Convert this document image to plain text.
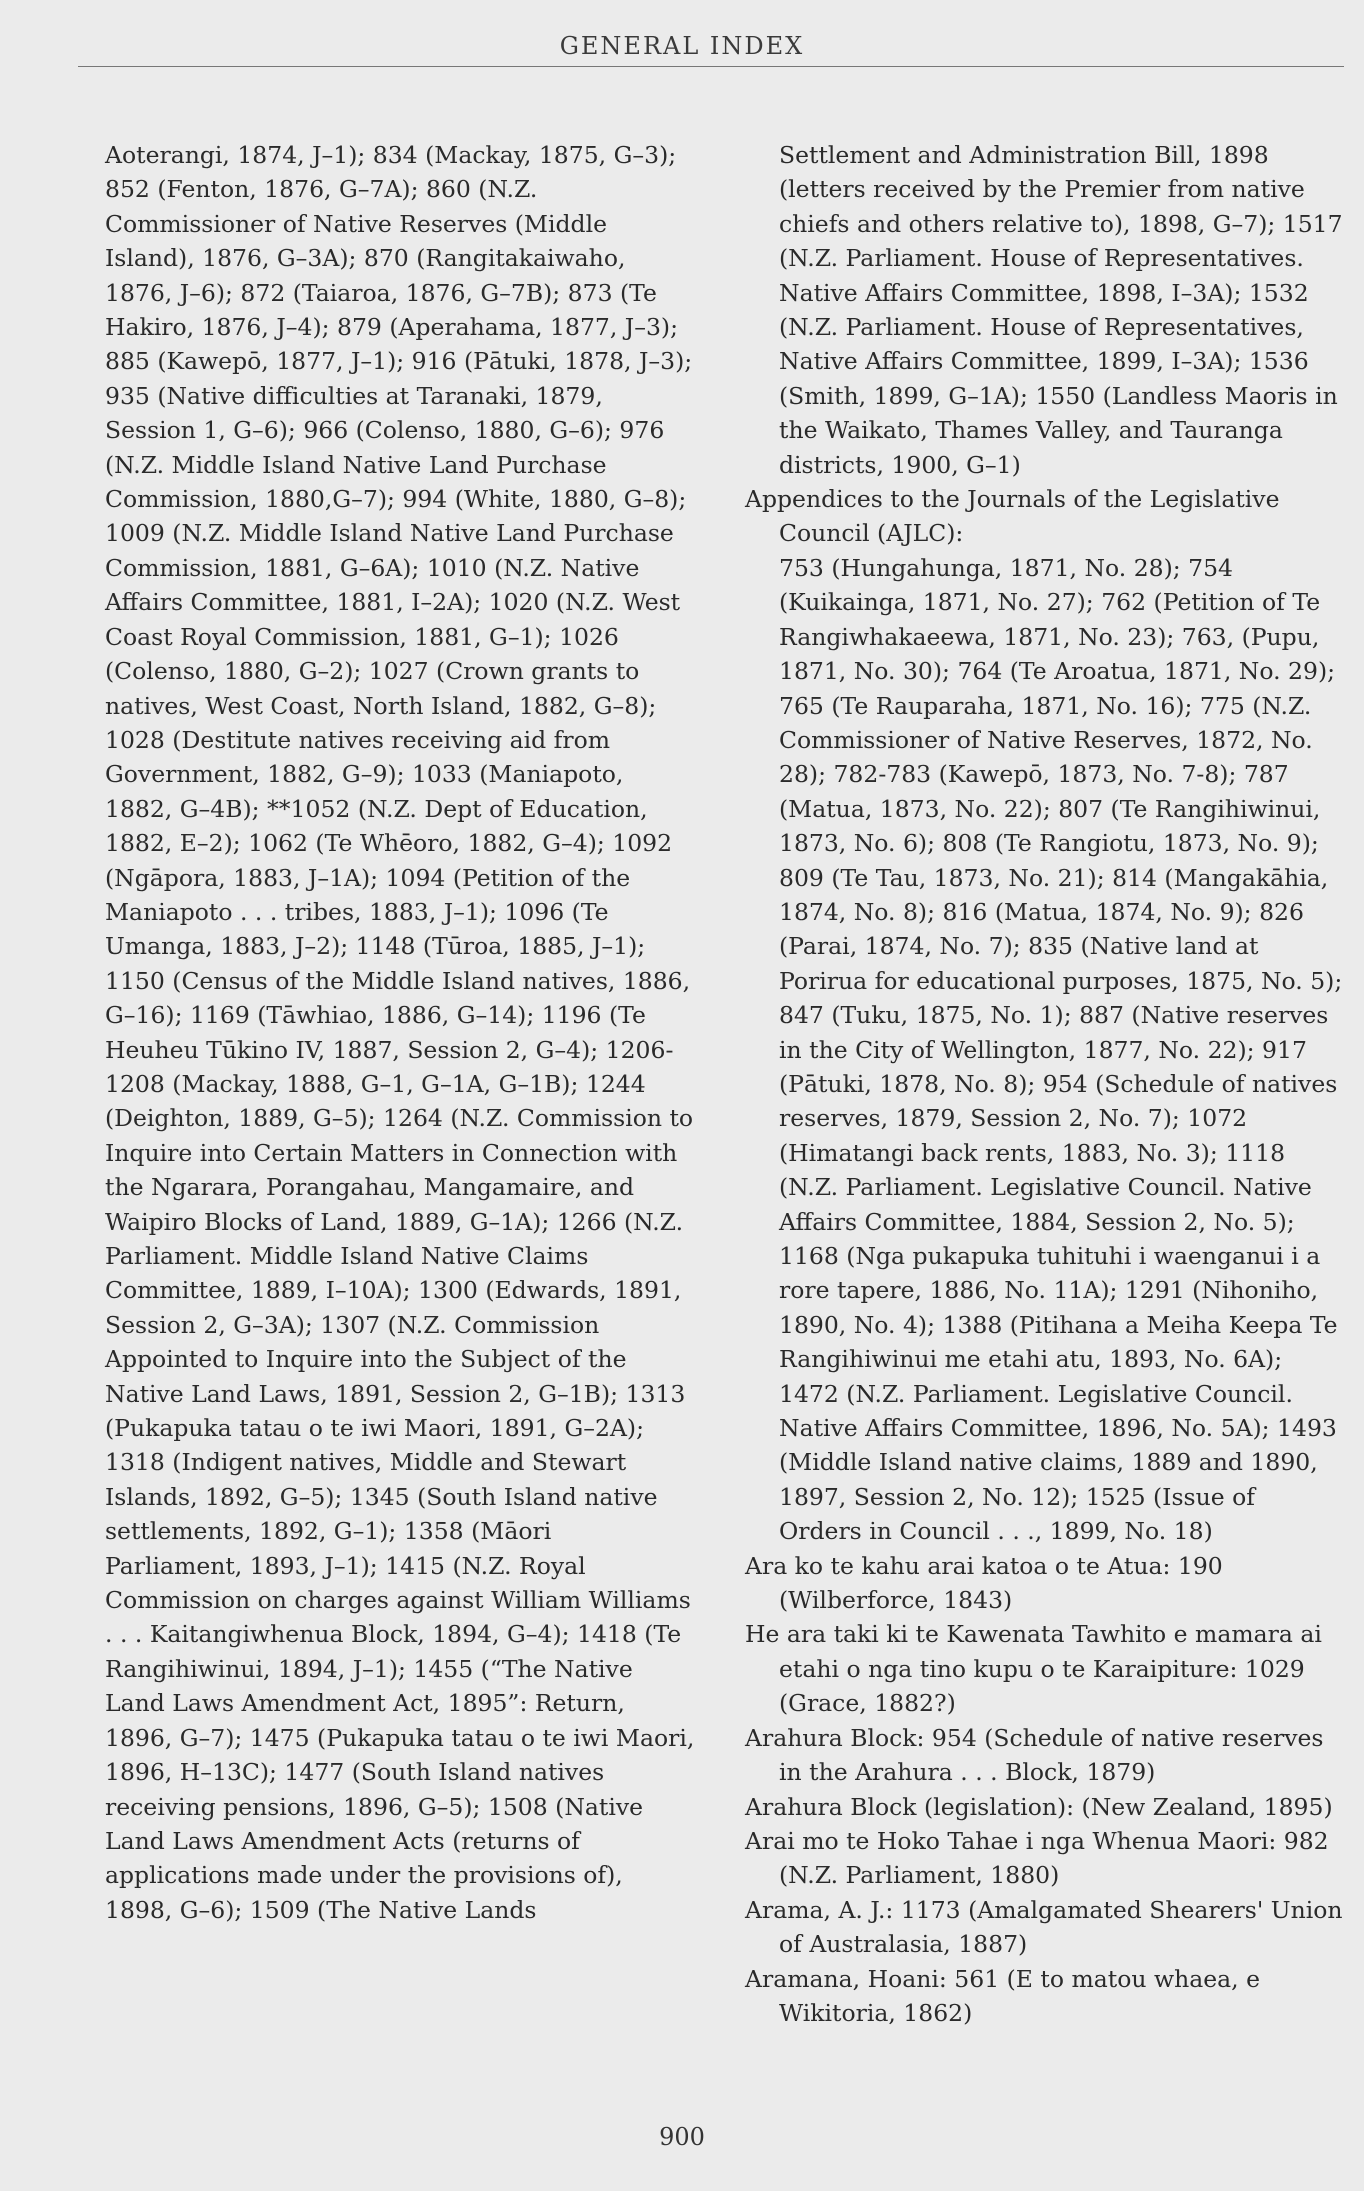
GENERAL INDEX
Aoterangi, 1874, J–1); 834 (Mackay, 1875, G–3); 852 (Fenton, 1876, G–7A); 860 (N.Z. Commissioner of Native Reserves (Middle Island), 1876, G–3A); 870 (Rangitakaiwaho, 1876, J–6); 872 (Taiaroa, 1876, G–7B); 873 (Te Hakiro, 1876, J–4); 879 (Aperahama, 1877, J–3); 885 (Kawepō, 1877, J–1); 916 (Pātuki, 1878, J–3); 935 (Native difficulties at Taranaki, 1879, Session 1, G–6); 966 (Colenso, 1880, G–6); 976 (N.Z. Middle Island Native Land Purchase Commission, 1880,G–7); 994 (White, 1880, G–8); 1009 (N.Z. Middle Island Native Land Purchase Commission, 1881, G–6A); 1010 (N.Z. Native Affairs Committee, 1881, I–2A); 1020 (N.Z. West Coast Royal Commission, 1881, G–1); 1026 (Colenso, 1880, G–2); 1027 (Crown grants to natives, West Coast, North Island, 1882, G–8); 1028 (Destitute natives receiving aid from Government, 1882, G–9); 1033 (Maniapoto, 1882, G–4B); **1052 (N.Z. Dept of Education, 1882, E–2); 1062 (Te Whēoro, 1882, G–4); 1092 (Ngāpora, 1883, J–1A); 1094 (Petition of the Maniapoto . . . tribes, 1883, J–1); 1096 (Te Umanga, 1883, J–2); 1148 (Tūroa, 1885, J–1); 1150 (Census of the Middle Island natives, 1886, G–16); 1169 (Tāwhiao, 1886, G–14); 1196 (Te Heuheu Tūkino IV, 1887, Session 2, G–4); 1206-1208 (Mackay, 1888, G–1, G–1A, G–1B); 1244 (Deighton, 1889, G–5); 1264 (N.Z. Commission to Inquire into Certain Matters in Connection with the Ngarara, Porangahau, Mangamaire, and Waipiro Blocks of Land, 1889, G–1A); 1266 (N.Z. Parliament. Middle Island Native Claims Committee, 1889, I–10A); 1300 (Edwards, 1891, Session 2, G–3A); 1307 (N.Z. Commission Appointed to Inquire into the Subject of the Native Land Laws, 1891, Session 2, G–1B); 1313 (Pukapuka tatau o te iwi Maori, 1891, G–2A); 1318 (Indigent natives, Middle and Stewart Islands, 1892, G–5); 1345 (South Island native settlements, 1892, G–1); 1358 (Māori Parliament, 1893, J–1); 1415 (N.Z. Royal Commission on charges against William Williams . . . Kaitangiwhenua Block, 1894, G–4); 1418 (Te Rangihiwinui, 1894, J–1); 1455 (“The Native Land Laws Amendment Act, 1895”: Return, 1896, G–7); 1475 (Pukapuka tatau o te iwi Maori, 1896, H–13C); 1477 (South Island natives receiving pensions, 1896, G–5); 1508 (Native Land Laws Amendment Acts (returns of applications made under the provisions of), 1898, G–6); 1509 (The Native Lands
Settlement and Administration Bill, 1898 (letters received by the Premier from native chiefs and others relative to), 1898, G–7); 1517 (N.Z. Parliament. House of Representatives. Native Affairs Committee, 1898, I–3A); 1532 (N.Z. Parliament. House of Representatives, Native Affairs Committee, 1899, I–3A); 1536 (Smith, 1899, G–1A); 1550 (Landless Maoris in the Waikato, Thames Valley, and Tauranga districts, 1900, G–1)
Appendices to the Journals of the Legislative Council (AJLC):
753 (Hungahunga, 1871, No. 28); 754 (Kuikainga, 1871, No. 27); 762 (Petition of Te Rangiwhakaeewa, 1871, No. 23); 763, (Pupu, 1871, No. 30); 764 (Te Aroatua, 1871, No. 29); 765 (Te Rauparaha, 1871, No. 16); 775 (N.Z. Commissioner of Native Reserves, 1872, No. 28); 782-783 (Kawepō, 1873, No. 7-8); 787 (Matua, 1873, No. 22); 807 (Te Rangihiwinui, 1873, No. 6); 808 (Te Rangiotu, 1873, No. 9); 809 (Te Tau, 1873, No. 21); 814 (Mangakāhia, 1874, No. 8); 816 (Matua, 1874, No. 9); 826 (Parai, 1874, No. 7); 835 (Native land at Porirua for educational purposes, 1875, No. 5); 847 (Tuku, 1875, No. 1); 887 (Native reserves in the City of Wellington, 1877, No. 22); 917 (Pātuki, 1878, No. 8); 954 (Schedule of natives reserves, 1879, Session 2, No. 7); 1072 (Himatangi back rents, 1883, No. 3); 1118 (N.Z. Parliament. Legislative Council. Native Affairs Committee, 1884, Session 2, No. 5); 1168 (Nga pukapuka tuhituhi i waenganui i a rore tapere, 1886, No. 11A); 1291 (Nihoniho, 1890, No. 4); 1388 (Pitihana a Meiha Keepa Te Rangihiwinui me etahi atu, 1893, No. 6A); 1472 (N.Z. Parliament. Legislative Council. Native Affairs Committee, 1896, No. 5A); 1493 (Middle Island native claims, 1889 and 1890, 1897, Session 2, No. 12); 1525 (Issue of Orders in Council . . ., 1899, No. 18)
Ara ko te kahu arai katoa o te Atua: 190 (Wilberforce, 1843)
He ara taki ki te Kawenata Tawhito e mamara ai etahi o nga tino kupu o te Karaipiture: 1029 (Grace, 1882?)
Arahura Block: 954 (Schedule of native reserves in the Arahura . . . Block, 1879)
Arahura Block (legislation): (New Zealand, 1895)
Arai mo te Hoko Tahae i nga Whenua Maori: 982 (N.Z. Parliament, 1880)
Arama, A. J.: 1173 (Amalgamated Shearers' Union of Australasia, 1887)
Aramana, Hoani: 561 (E to matou whaea, e Wikitoria, 1862)
900
